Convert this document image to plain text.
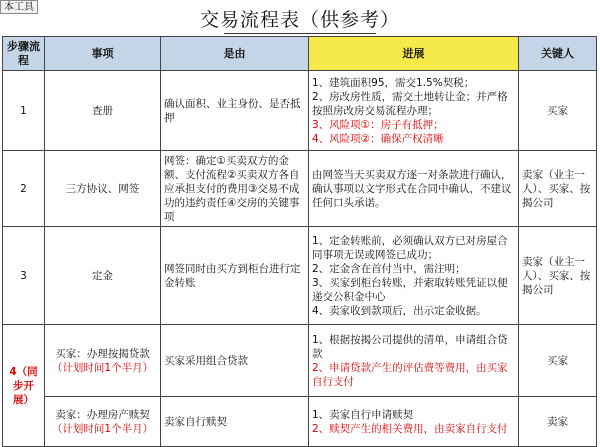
本工具
交易流程表（供参考）
步骤流程	事项	是由	进展	关键人
1	查册	确认面积、业主身份、是否抵押	1、建筑面积95，需交1.5%契税；
2、房改房性质，需交土地转让金；并严格按照房改房交易流程办理；
3、风险项①：房子有抵押；
4、风险项②：确保产权清晰	买家
2	三方协议、网签	网签：确定①买卖双方的金额、支付流程②买卖双方各自应承担支付的费用③交易不成功的违约责任④交房的关键事项	由网签当天买卖双方逐一对条款进行确认，确认事项以文字形式在合同中确认，不建议任何口头承诺。	卖家（业主一人）、买家、按揭公司
3	定金	网签同时由买方到柜台进行定金转账	1、定金转账前，必须确认双方已对房屋合同事项无误或网签已成功；
2、定金含在首付当中，需注明；
3、买家到柜台转账，并索取转账凭证以便递交公积金中心
4、卖家收到款项后，出示定金收据。	卖家（业主一人）、买家、按揭公司
4（同步开展）	买家：办理按揭贷款
（计划时间1个半月）	买家采用组合贷款	1、根据按揭公司提供的清单，申请组合贷款
2、申请贷款产生的评估费等费用，由买家自行支付	买家

	卖家：办理房产赎契
（计划时间1个半月）	卖家自行赎契	1、卖家自行申请赎契
2、赎契产生的相关费用，由卖家自行支付	卖家
